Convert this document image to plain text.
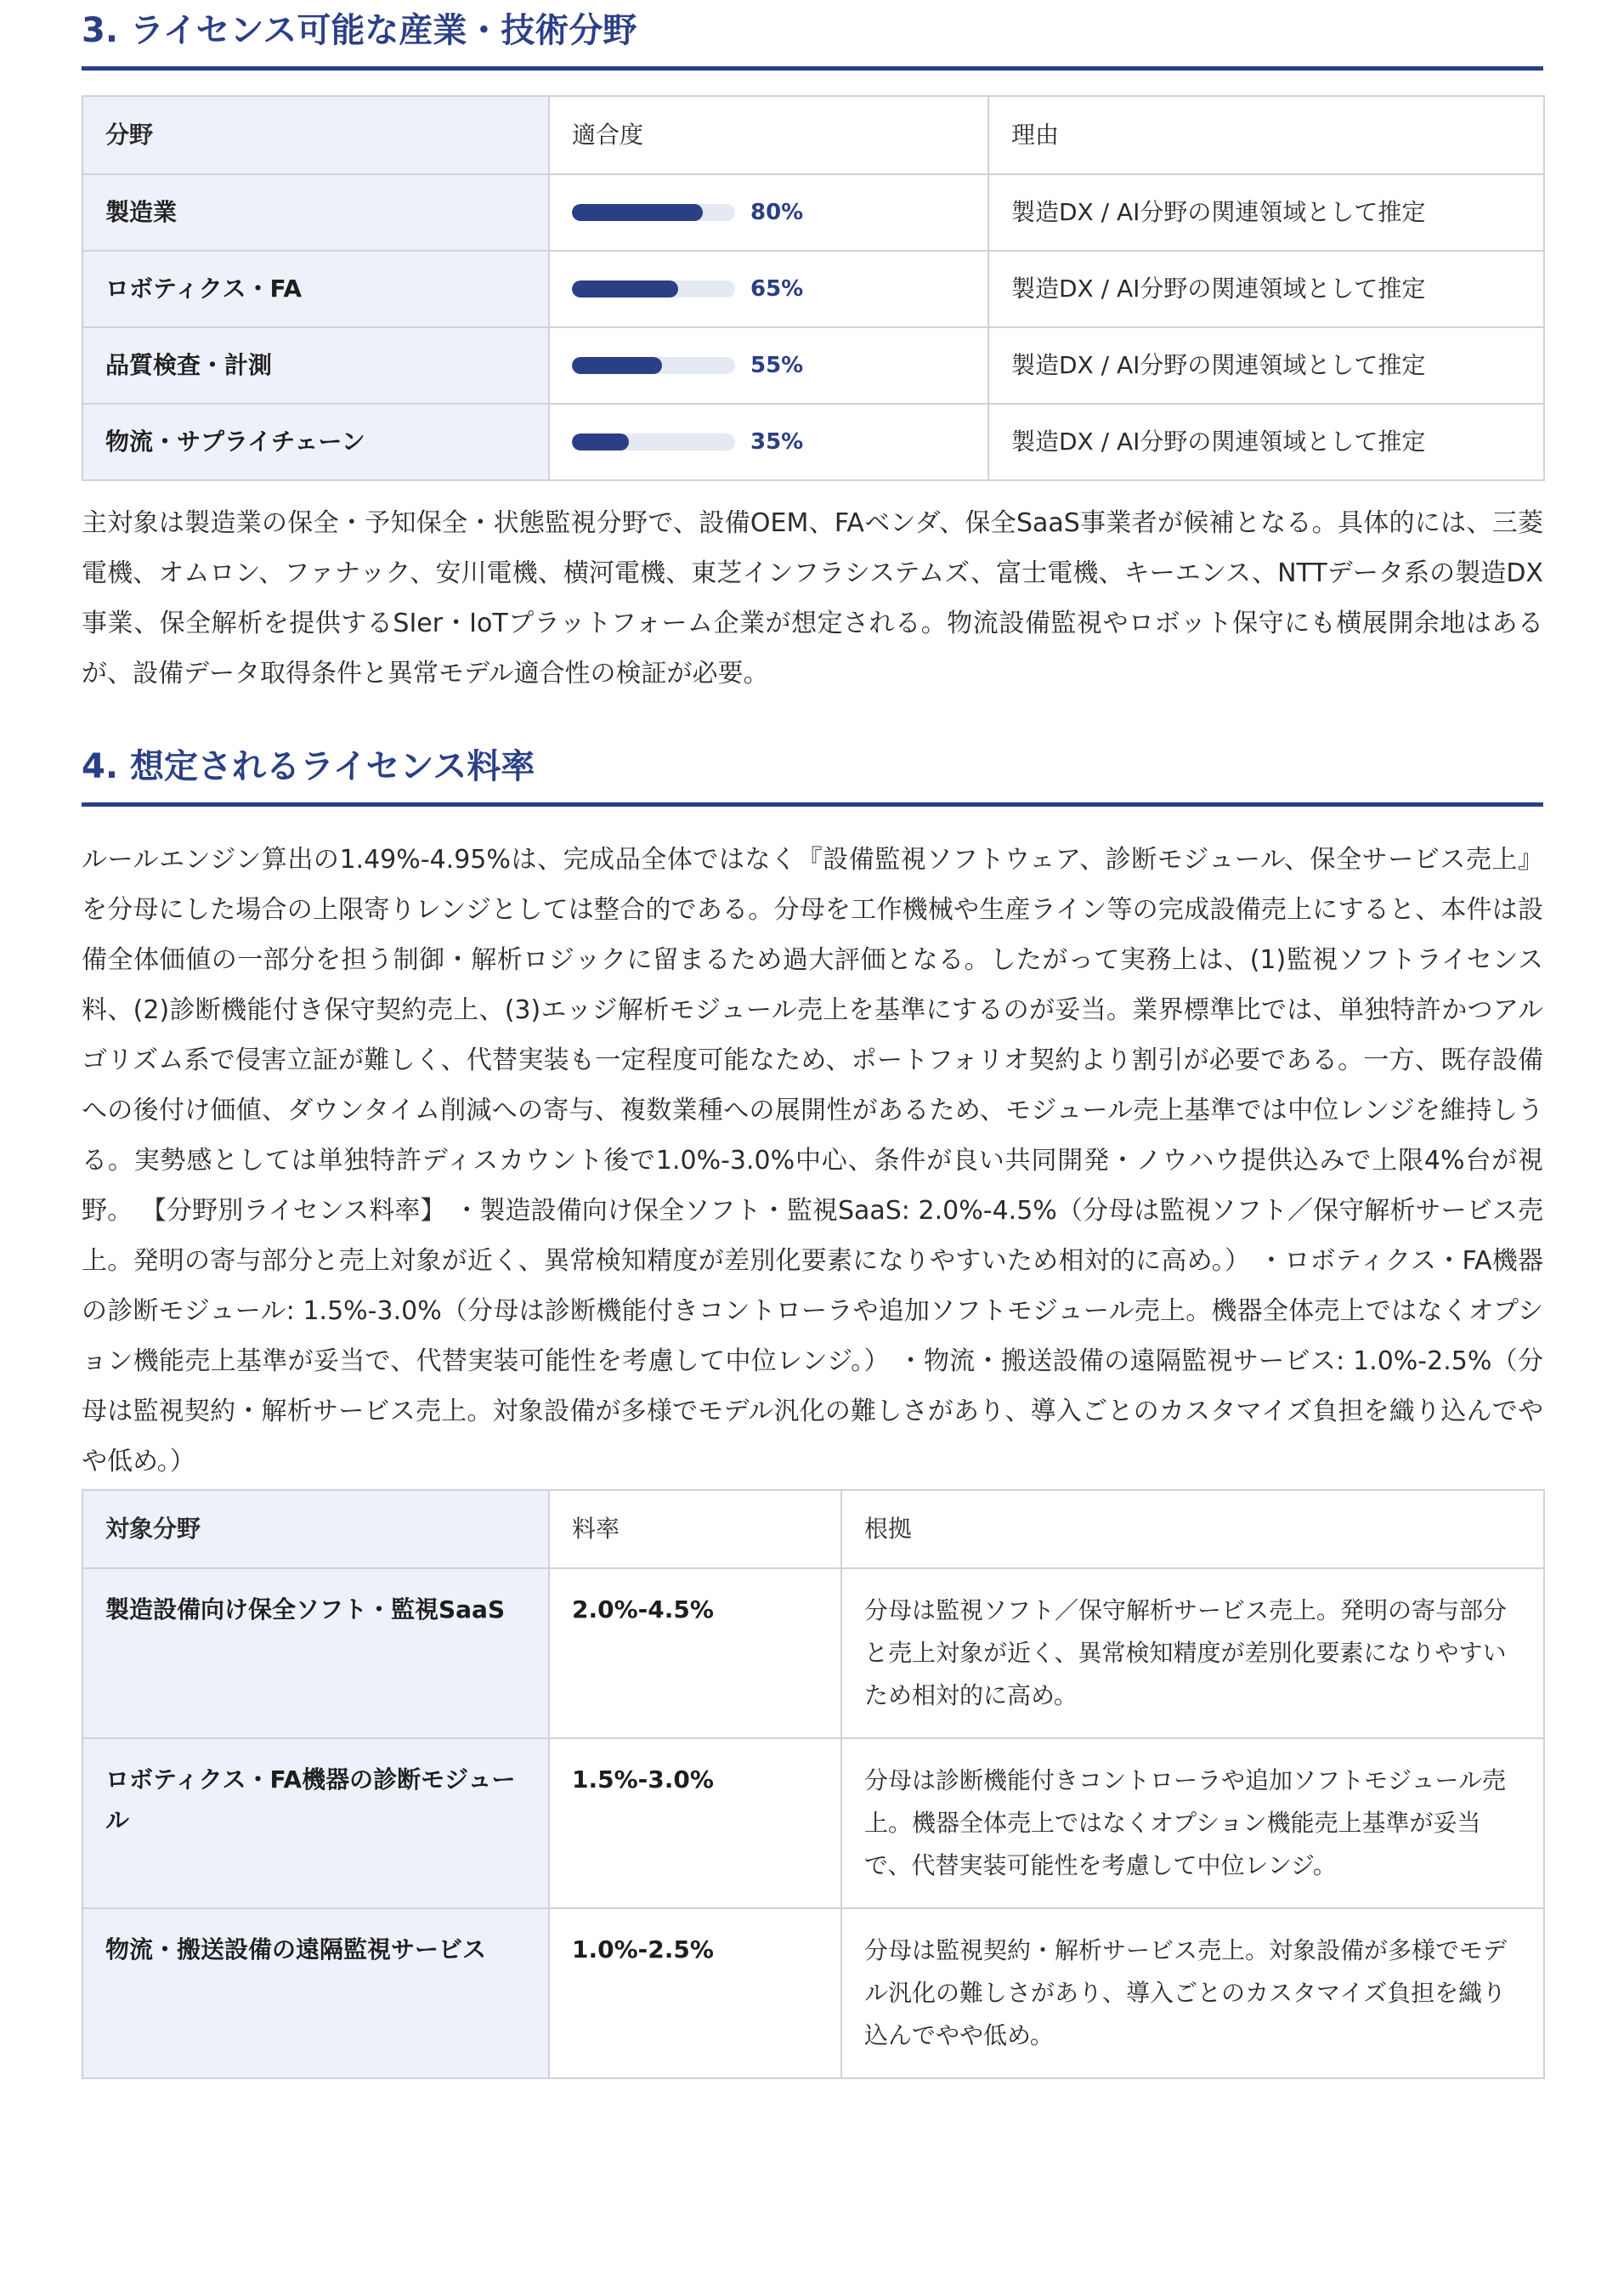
3. ライセンス可能な産業・技術分野
分野	適合度	理由
製造業	80%	製造DX / AI分野の関連領域として推定
ロボティクス・FA	65%	製造DX / AI分野の関連領域として推定
品質検査・計測	55%	製造DX / AI分野の関連領域として推定
物流・サプライチェーン	35%	製造DX / AI分野の関連領域として推定

主対象は製造業の保全・予知保全・状態監視分野で、設備OEM、FAベンダ、保全SaaS事業者が候補となる。具体的には、三菱電機、オムロン、ファナック、安川電機、横河電機、東芝インフラシステムズ、富士電機、キーエンス、NTTデータ系の製造DX事業、保全解析を提供するSIer・IoTプラットフォーム企業が想定される。物流設備監視やロボット保守にも横展開余地はあるが、設備データ取得条件と異常モデル適合性の検証が必要。

4. 想定されるライセンス料率

ルールエンジン算出の1.49%-4.95%は、完成品全体ではなく『設備監視ソフトウェア、診断モジュール、保全サービス売上』を分母にした場合の上限寄りレンジとしては整合的である。分母を工作機械や生産ライン等の完成設備売上にすると、本件は設備全体価値の一部分を担う制御・解析ロジックに留まるため過大評価となる。したがって実務上は、(1)監視ソフトライセンス料、(2)診断機能付き保守契約売上、(3)エッジ解析モジュール売上を基準にするのが妥当。業界標準比では、単独特許かつアルゴリズム系で侵害立証が難しく、代替実装も一定程度可能なため、ポートフォリオ契約より割引が必要である。一方、既存設備への後付け価値、ダウンタイム削減への寄与、複数業種への展開性があるため、モジュール売上基準では中位レンジを維持しうる。実勢感としては単独特許ディスカウント後で1.0%-3.0%中心、条件が良い共同開発・ノウハウ提供込みで上限4%台が視野。 【分野別ライセンス料率】 ・製造設備向け保全ソフト・監視SaaS: 2.0%-4.5%（分母は監視ソフト／保守解析サービス売上。発明の寄与部分と売上対象が近く、異常検知精度が差別化要素になりやすいため相対的に高め。） ・ロボティクス・FA機器の診断モジュール: 1.5%-3.0%（分母は診断機能付きコントローラや追加ソフトモジュール売上。機器全体売上ではなくオプション機能売上基準が妥当で、代替実装可能性を考慮して中位レンジ。） ・物流・搬送設備の遠隔監視サービス: 1.0%-2.5%（分母は監視契約・解析サービス売上。対象設備が多様でモデル汎化の難しさがあり、導入ごとのカスタマイズ負担を織り込んでやや低め。）

対象分野	料率	根拠
製造設備向け保全ソフト・監視SaaS	2.0%-4.5%	分母は監視ソフト／保守解析サービス売上。発明の寄与部分と売上対象が近く、異常検知精度が差別化要素になりやすいため相対的に高め。
ロボティクス・FA機器の診断モジュール	1.5%-3.0%	分母は診断機能付きコントローラや追加ソフトモジュール売上。機器全体売上ではなくオプション機能売上基準が妥当で、代替実装可能性を考慮して中位レンジ。
物流・搬送設備の遠隔監視サービス	1.0%-2.5%	分母は監視契約・解析サービス売上。対象設備が多様でモデル汎化の難しさがあり、導入ごとのカスタマイズ負担を織り込んでやや低め。
